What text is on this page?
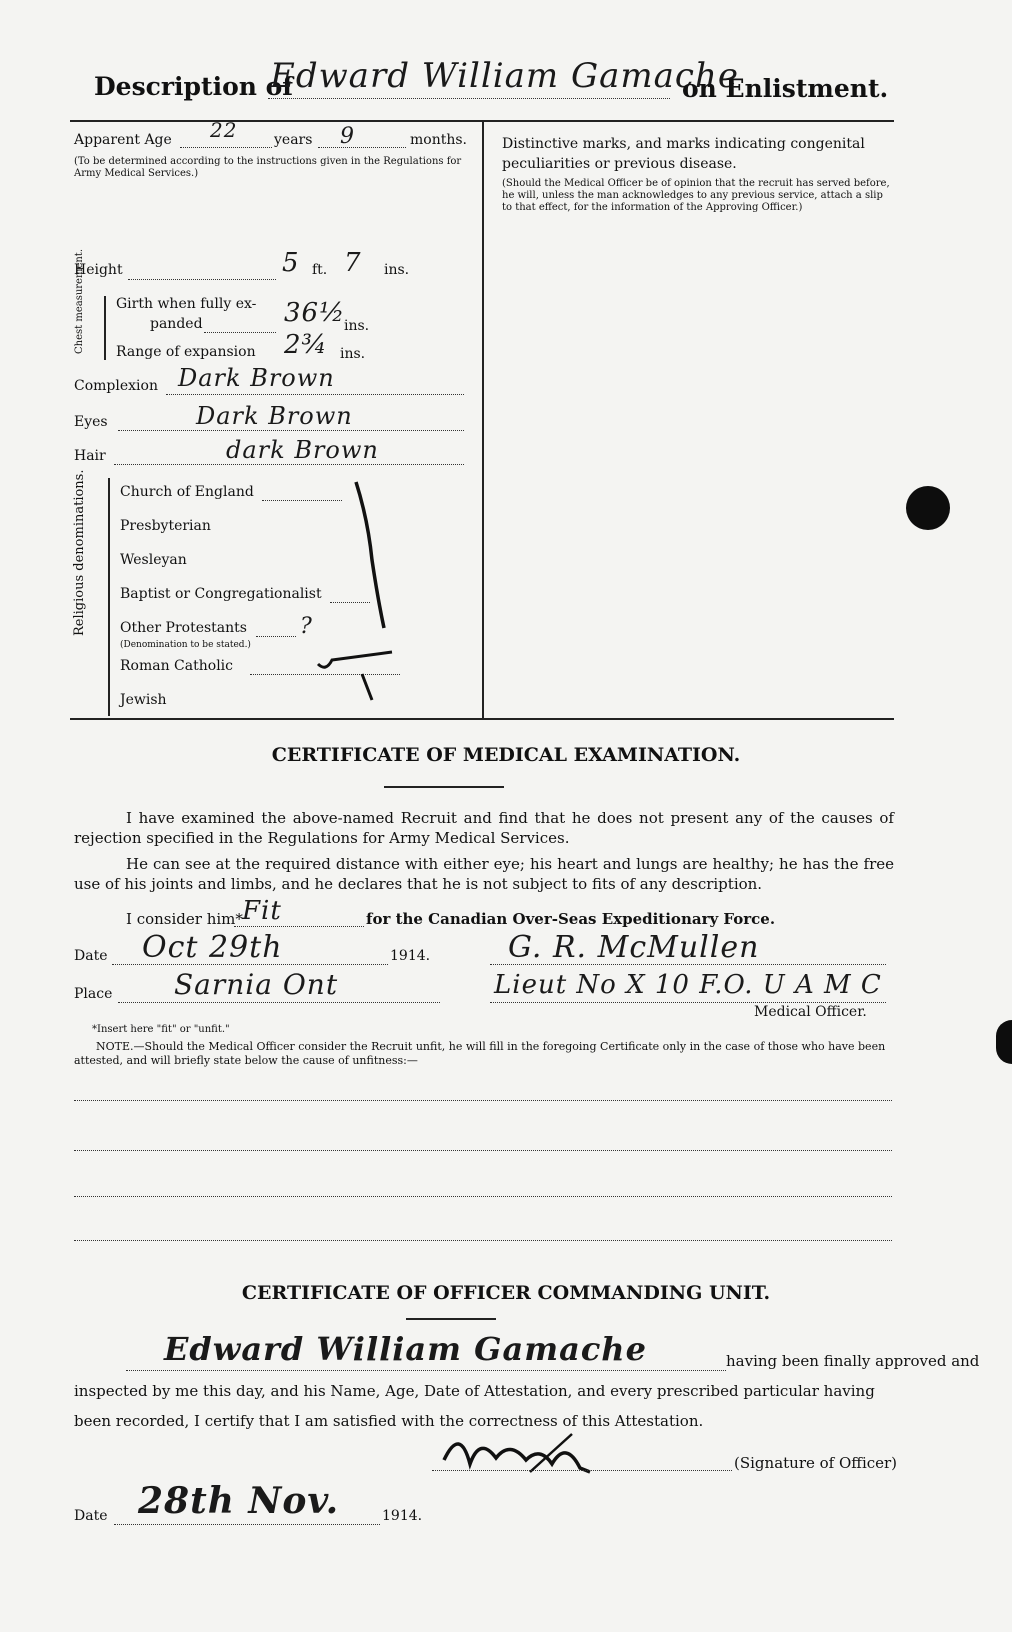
Description of
Edward William Gamache
on Enlistment.
Apparent Age 22	years 9	months.
(To be determined according to the instructions given in the Regulations for Army Medical Services.)
Distinctive marks, and marks indicating congenital peculiarities or previous disease.
(Should the Medical Officer be of opinion that the recruit has served before, he will, unless the man acknowledges to any previous service, attach a slip to that effect, for the information of the Approving Officer.)
Height	5 ft. 7 ins.
Chest measurement. Girth when fully ex-
panded	36½
ins.
Range of expansion 2¾ ins.
Complexion Dark Brown
Eyes	Dark Brown
Hair	dark Brown
Religious denominations. Church of England
Presbyterian
Wesleyan
Baptist or Congregationalist
Other Protestants ?
(Denomination to be stated.)
Roman Catholic
Jewish
CERTIFICATE OF MEDICAL EXAMINATION.
I have examined the above-named Recruit and find that he does not present any of the causes of rejection specified in the Regulations for Army Medical Services.
He can see at the required distance with either eye; his heart and lungs are healthy; he has the free use of his joints and limbs, and he declares that he is not subject to fits of any description.
I consider him* Fit	for the Canadian Over-Seas Expeditionary Force.
Date Oct 29th	1914.
Place Sarnia Ont
G. R. McMullen
Lieut No X 10 F.O. U A M C
Medical Officer.
*Insert here "fit" or "unfit."
NOTE.—Should the Medical Officer consider the Recruit unfit, he will fill in the foregoing Certificate only in the case of those who have been attested, and will briefly state below the cause of unfitness:—
CERTIFICATE OF OFFICER COMMANDING UNIT.
Edward William Gamache	having been finally approved and
inspected by me this day, and his Name, Age, Date of Attestation, and every prescribed particular having
been recorded, I certify that I am satisfied with the correctness of this Attestation.
(Signature of Officer)
Date 28th Nov.	1914.
